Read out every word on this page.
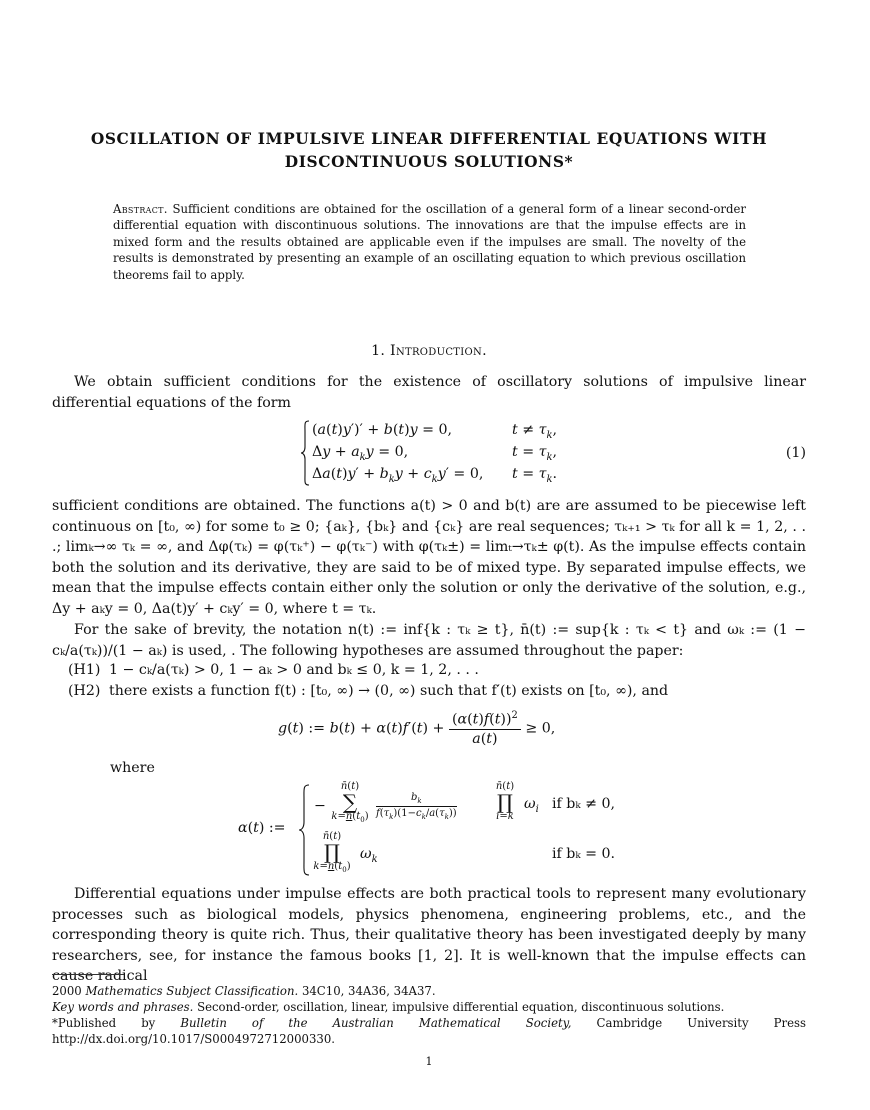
OSCILLATION OF IMPULSIVE LINEAR DIFFERENTIAL EQUATIONS WITH
DISCONTINUOUS SOLUTIONS*
Abstract. Sufficient conditions are obtained for the oscillation of a general form of a linear second-order differential equation with discontinuous solutions. The innovations are that the impulse effects are in mixed form and the results obtained are applicable even if the impulses are small. The novelty of the results is demonstrated by presenting an example of an oscillating equation to which previous oscillation theorems fail to apply.
1. Introduction.
We obtain sufficient conditions for the existence of oscillatory solutions of impulsive linear differential equations of the form
(a(t)y′)′ + b(t)y = 0,
$\Delta y + a_ky = 0$,
$\Delta a(t)y' + b_ky + c_ky' = 0$,
$t \ne \tau_k$,
$t = \tau_k$,
$t = \tau_k$.
(1)
sufficient conditions are obtained. The functions a(t) > 0 and b(t) are are assumed to be piecewise left continuous on [t₀, ∞) for some t₀ ≥ 0; {aₖ}, {bₖ} and {cₖ} are real sequences; τₖ₊₁ > τₖ for all k = 1, 2, . . .; limₖ→∞ τₖ = ∞, and Δφ(τₖ) = φ(τₖ⁺) − φ(τₖ⁻) with φ(τₖ±) = limₜ→τₖ± φ(t). As the impulse effects contain both the solution and its derivative, they are said to be of mixed type. By separated impulse effects, we mean that the impulse effects contain either only the solution or only the derivative of the solution, e.g., Δy + aₖy = 0, Δa(t)y′ + cₖy′ = 0, where t = τₖ.
For the sake of brevity, the notation n(t) := inf{k : τₖ ≥ t}, n̄(t) := sup{k : τₖ < t} and ωₖ := (1 − cₖ/a(τₖ))/(1 − aₖ) is used, . The following hypotheses are assumed throughout the paper:
(H1) 1 − cₖ/a(τₖ) > 0, 1 − aₖ > 0 and bₖ ≤ 0, k = 1, 2, . . .
(H2) there exists a function f(t) : [t₀, ∞) → (0, ∞) such that f′(t) exists on [t₀, ∞), and
g(t) := $b(t) + \alpha(t)f'(t) + \frac{(\alpha(t)f(t))^2}{a(t)} \ge 0$,
where
α(t) :=
−
n̄(t)
∑
$k=n(t_0) \frac{b_k}{f(\tau_k)(1-c_k/a(\tau_k))}$
n̄(t)
∏
i=k
$\omega_i$ if bₖ ≠ 0,
n̄(t)
∏
$k=n(t_0)$
$\omega_k$	if bₖ = 0.
Differential equations under impulse effects are both practical tools to represent many evolutionary processes such as biological models, physics phenomena, engineering problems, etc., and the corresponding theory is quite rich. Thus, their qualitative theory has been investigated deeply by many researchers, see, for instance the famous books [1, 2]. It is well-known that the impulse effects can cause radical
2000 Mathematics Subject Classification. 34C10, 34A36, 34A37.
Key words and phrases. Second-order, oscillation, linear, impulsive differential equation, discontinuous solutions.
*Published by Bulletin of the Australian Mathematical Society, Cambridge University Press
http://dx.doi.org/10.1017/S0004972712000330.
1
